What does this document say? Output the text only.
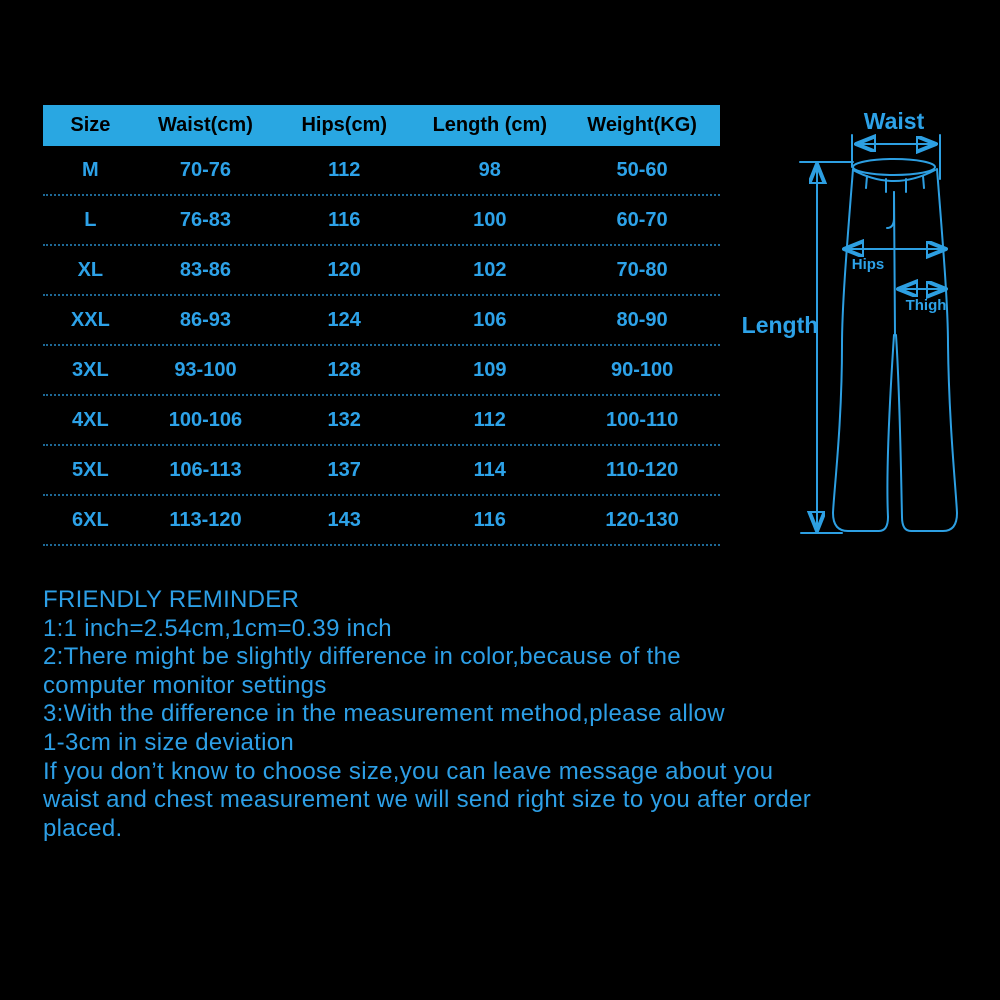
Size	Waist(cm)	Hips(cm)	Length (cm)	Weight(KG)
M	70-76	112	98	50-60
L	76-83	116	100	60-70
XL	83-86	120	102	70-80
XXL	86-93	124	106	80-90
3XL	93-100	128	109	90-100
4XL	100-106	132	112	100-110
5XL	106-113	137	114	110-120
6XL	113-120	143	116	120-130
Waist
Hips
Thigh
Length
FRIENDLY REMINDER
1:1 inch=2.54cm,1cm=0.39 inch
2:There might be slightly difference in color,because of the
computer monitor settings
3:With the difference in the measurement method,please allow
1-3cm in size deviation
If you don’t know to choose size,you can leave message about you
waist and chest measurement we will send right size to you after order
placed.
